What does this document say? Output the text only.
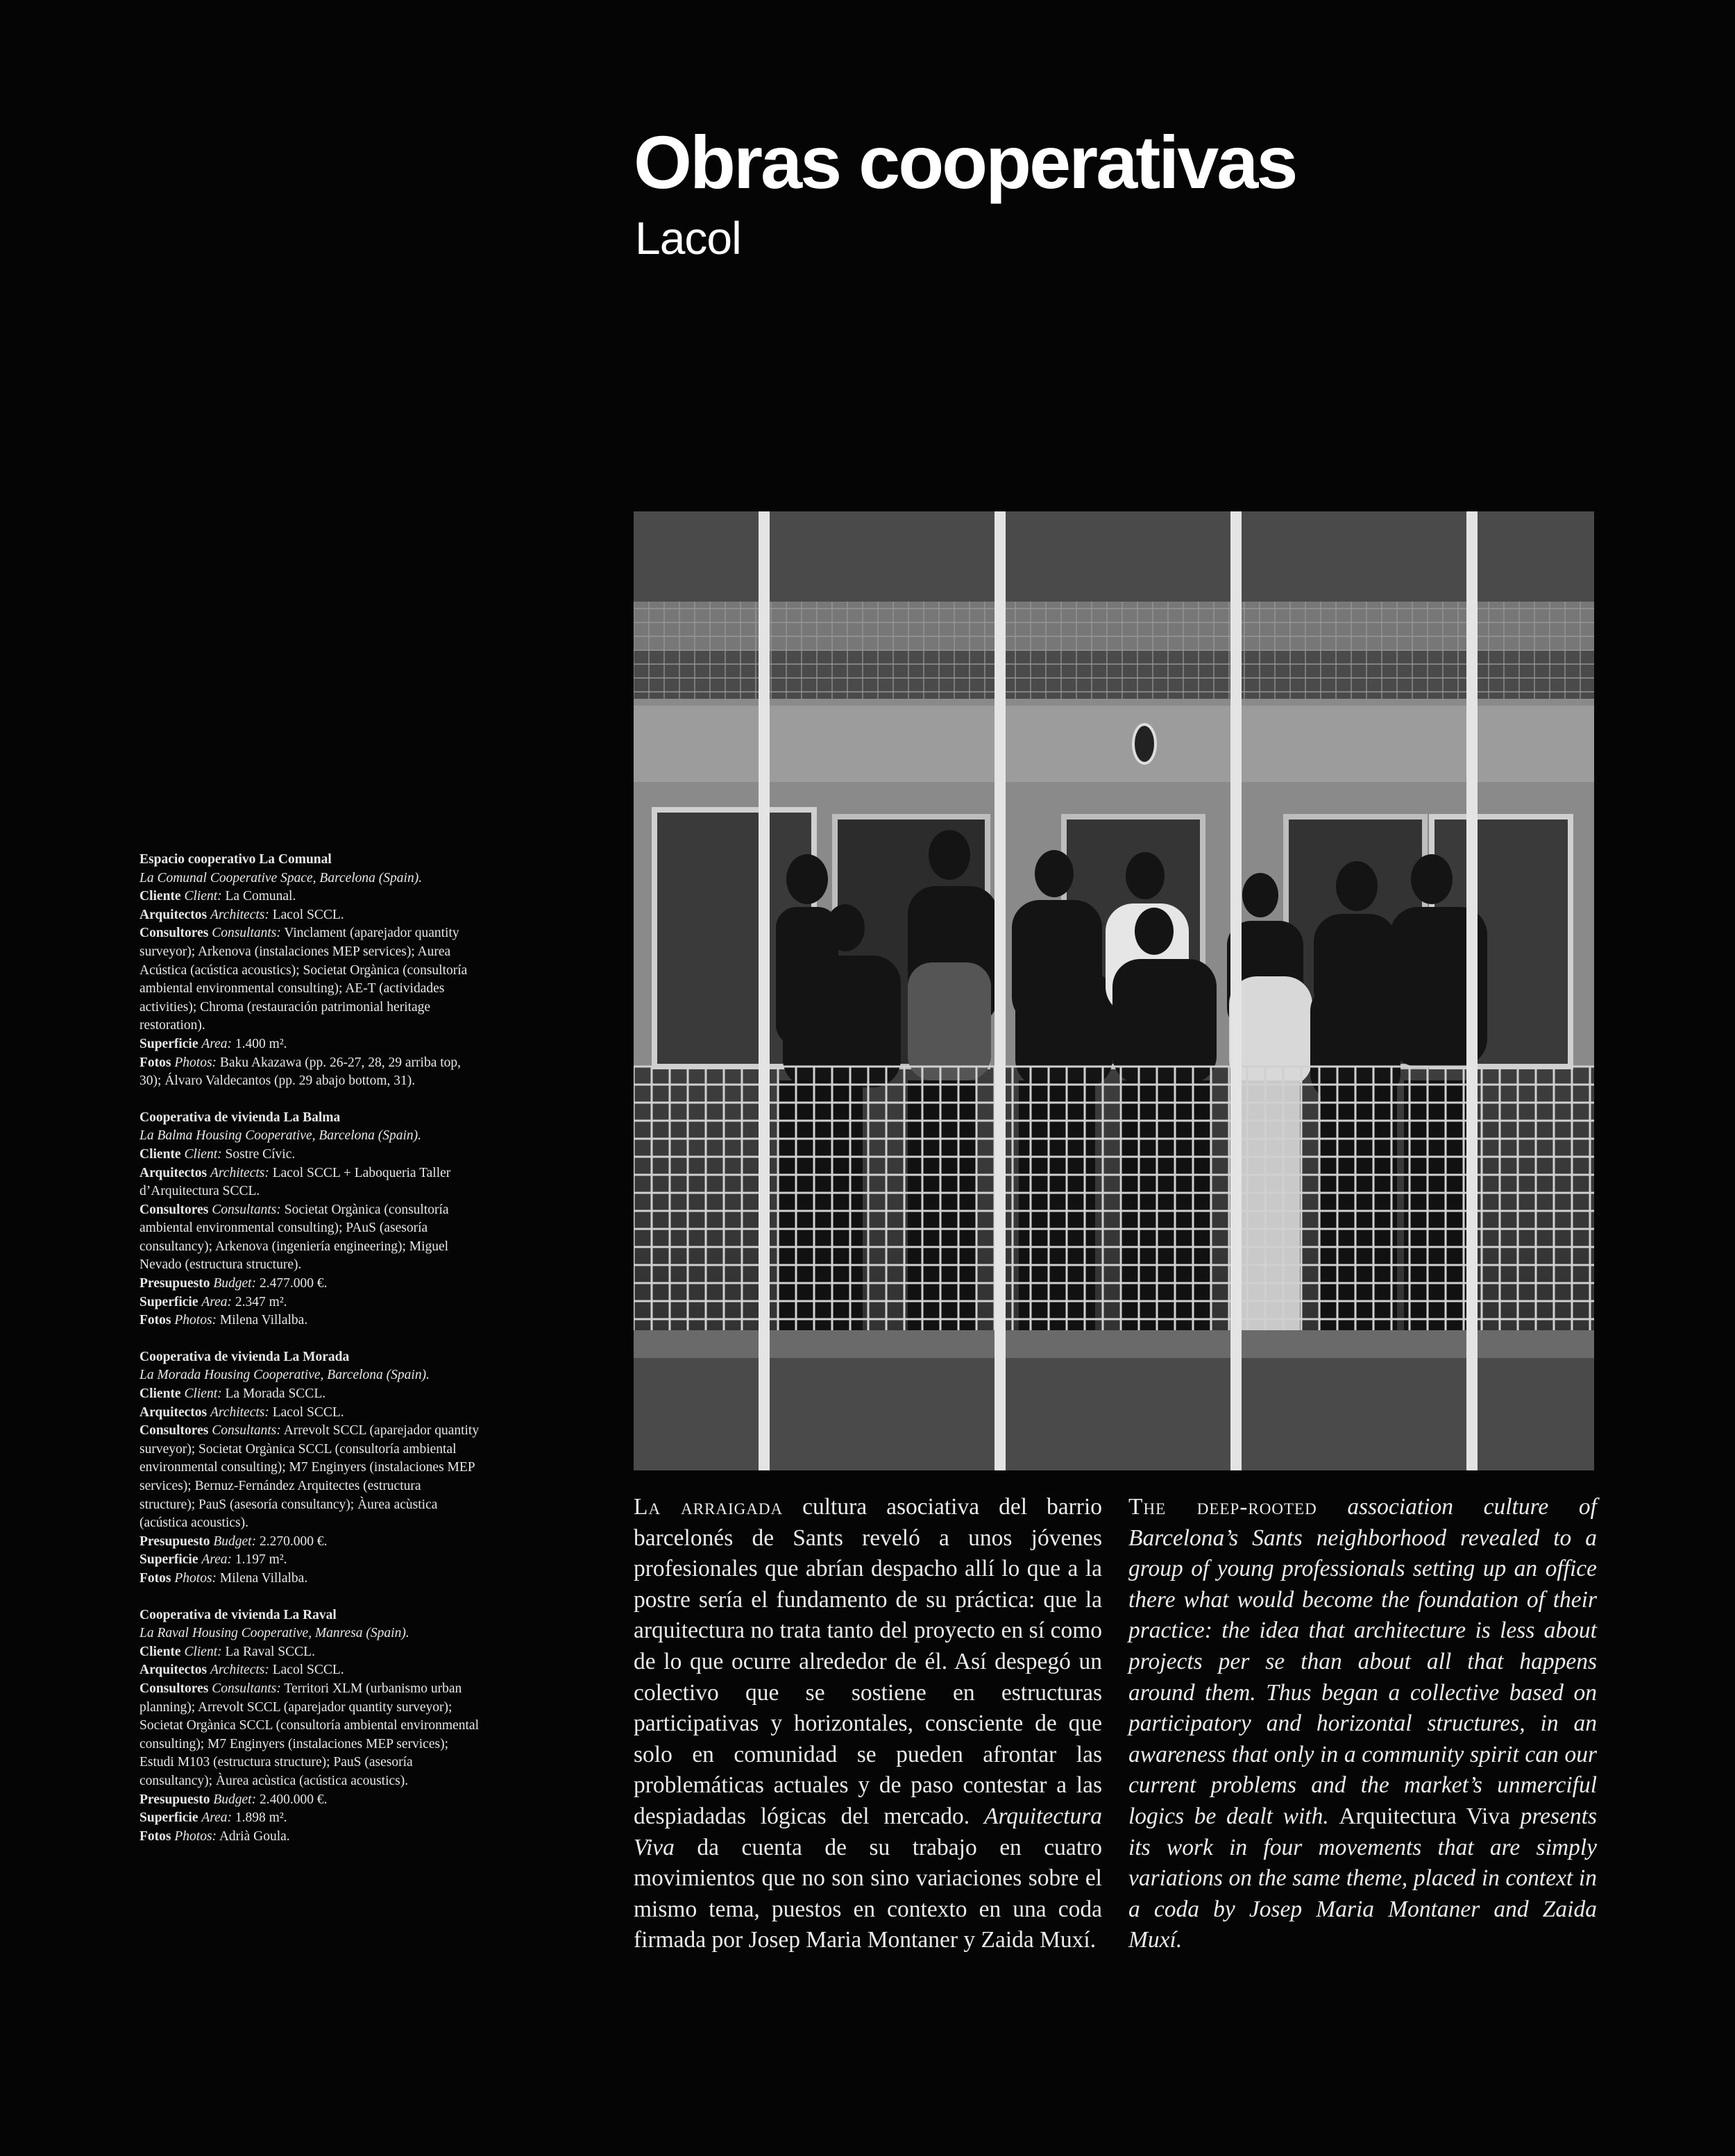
Obras cooperativas
Lacol
Espacio cooperativo La Comunal
La Comunal Cooperative Space, Barcelona (Spain).
Cliente Client: La Comunal.
Arquitectos Architects: Lacol SCCL.
Consultores Consultants: Vinclament (aparejador quantity surveyor); Arkenova (instalaciones MEP services); Aurea Acústica (acústica acoustics); Societat Orgànica (consultoría ambiental environmental consulting); AE-T (actividades activities); Chroma (restauración patrimonial heritage restoration).
Superficie Area: 1.400 m².
Fotos Photos: Baku Akazawa (pp. 26-27, 28, 29 arriba top, 30); Álvaro Valdecantos (pp. 29 abajo bottom, 31).
Cooperativa de vivienda La Balma
La Balma Housing Cooperative, Barcelona (Spain).
Cliente Client: Sostre Cívic.
Arquitectos Architects: Lacol SCCL + Laboqueria Taller d’Arquitectura SCCL.
Consultores Consultants: Societat Orgànica (consultoría ambiental environmental consulting); PAuS (asesoría consultancy); Arkenova (ingeniería engineering); Miguel Nevado (estructura structure).
Presupuesto Budget: 2.477.000 €.
Superficie Area: 2.347 m².
Fotos Photos: Milena Villalba.
Cooperativa de vivienda La Morada
La Morada Housing Cooperative, Barcelona (Spain).
Cliente Client: La Morada SCCL.
Arquitectos Architects: Lacol SCCL.
Consultores Consultants: Arrevolt SCCL (aparejador quantity surveyor); Societat Orgànica SCCL (consultoría ambiental environmental consulting); M7 Enginyers (instalaciones MEP services); Bernuz-Fernández Arquitectes (estructura structure); PauS (asesoría consultancy); Àurea acùstica (acústica acoustics).
Presupuesto Budget: 2.270.000 €.
Superficie Area: 1.197 m².
Fotos Photos: Milena Villalba.
Cooperativa de vivienda La Raval
La Raval Housing Cooperative, Manresa (Spain).
Cliente Client: La Raval SCCL.
Arquitectos Architects: Lacol SCCL.
Consultores Consultants: Territori XLM (urbanismo urban planning); Arrevolt SCCL (aparejador quantity surveyor); Societat Orgànica SCCL (consultoría ambiental environmental consulting); M7 Enginyers (instalaciones MEP services); Estudi M103 (estructura structure); PauS (asesoría consultancy); Àurea acùstica (acústica acoustics).
Presupuesto Budget: 2.400.000 €.
Superficie Area: 1.898 m².
Fotos Photos: Adrià Goula.
La arraigada cultura asociativa del barrio barcelonés de Sants reveló a unos jóvenes profesionales que abrían despacho allí lo que a la postre sería el fundamento de su práctica: que la arquitectura no trata tanto del proyecto en sí como de lo que ocurre alrededor de él. Así despegó un colectivo que se sostiene en estructuras participativas y horizontales, consciente de que solo en comunidad se pueden afrontar las problemáticas actuales y de paso contestar a las despiadadas lógicas del mercado. Arquitectura Viva da cuenta de su trabajo en cuatro movimientos que no son sino variaciones sobre el mismo tema, puestos en contexto en una coda firmada por Josep Maria Montaner y Zaida Muxí.
The deep-rooted association culture of Barcelona’s Sants neighborhood revealed to a group of young professionals setting up an office there what would become the foundation of their practice: the idea that architecture is less about projects per se than about all that happens around them. Thus began a collective based on participatory and horizontal structures, in an awareness that only in a community spirit can our current problems and the market’s unmerciful logics be dealt with. Arquitectura Viva presents its work in four movements that are simply variations on the same theme, placed in context in a coda by Josep Maria Montaner and Zaida Muxí.
